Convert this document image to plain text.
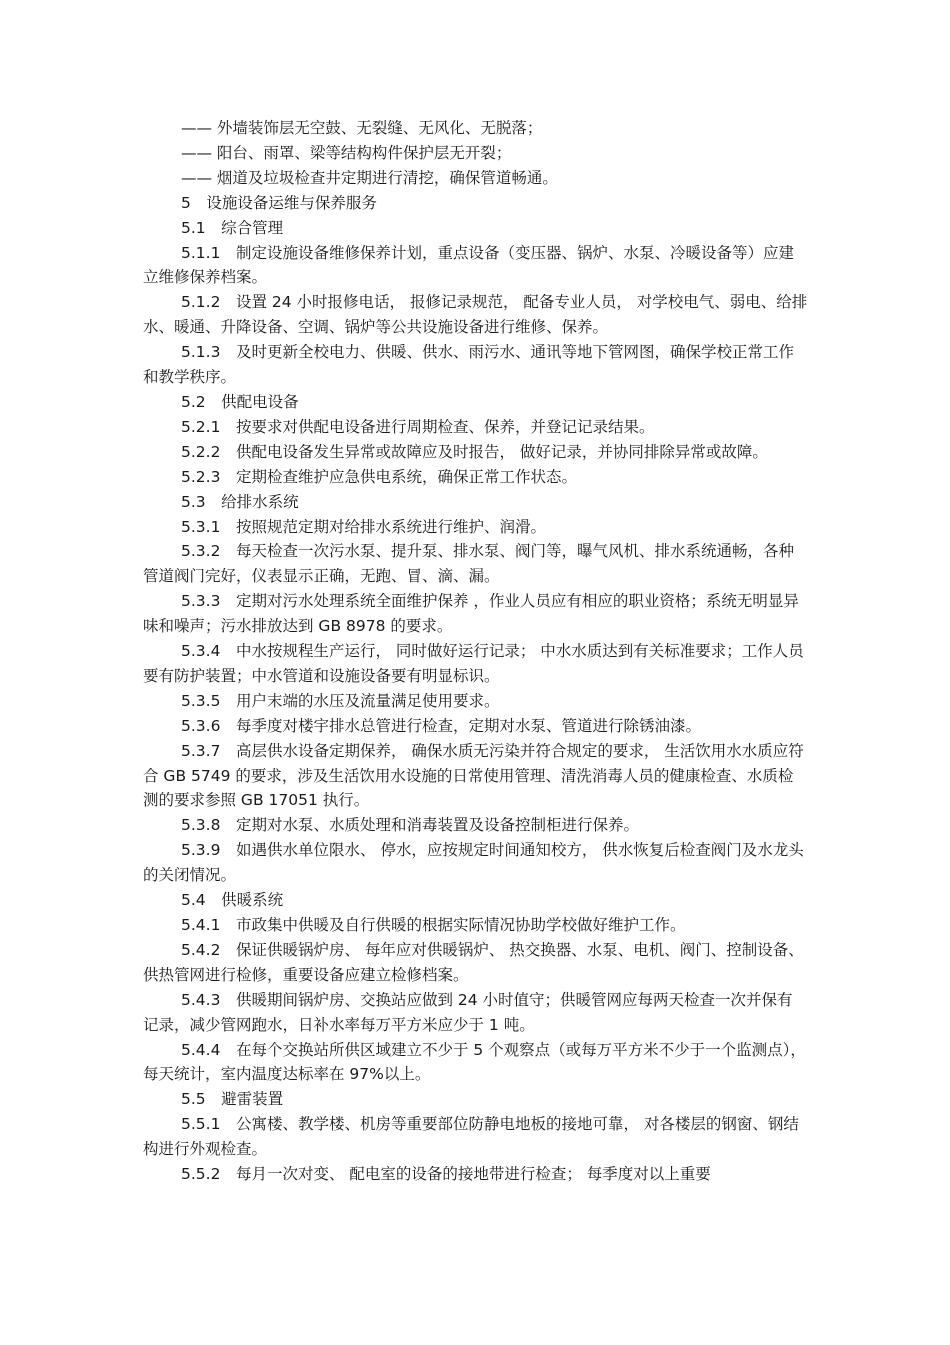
—— 外墙装饰层无空鼓、无裂缝、无风化、无脱落；

—— 阳台、雨罩、梁等结构构件保护层无开裂；

—— 烟道及垃圾检查井定期进行清挖，确保管道畅通。

5　设施设备运维与保养服务

5.1　综合管理

5.1.1　制定设施设备维修保养计划，重点设备（变压器、锅炉、水泵、冷暖设备等）应建立维修保养档案。

5.1.2　设置 24 小时报修电话， 报修记录规范， 配备专业人员， 对学校电气、弱电、给排水、暖通、升降设备、空调、锅炉等公共设施设备进行维修、保养。

5.1.3　及时更新全校电力、供暖、供水、雨污水、通讯等地下管网图，确保学校正常工作和教学秩序。

5.2　供配电设备

5.2.1　按要求对供配电设备进行周期检查、保养，并登记记录结果。

5.2.2　供配电设备发生异常或故障应及时报告， 做好记录，并协同排除异常或故障。

5.2.3　定期检查维护应急供电系统，确保正常工作状态。

5.3　给排水系统

5.3.1　按照规范定期对给排水系统进行维护、润滑。

5.3.2　每天检查一次污水泵、提升泵、排水泵、阀门等，曝气风机、排水系统通畅，各种管道阀门完好，仪表显示正确，无跑、冒、滴、漏。

5.3.3　定期对污水处理系统全面维护保养 ，作业人员应有相应的职业资格；系统无明显异味和噪声；污水排放达到 GB 8978 的要求。

5.3.4　中水按规程生产运行， 同时做好运行记录； 中水水质达到有关标准要求；工作人员要有防护装置；中水管道和设施设备要有明显标识。

5.3.5　用户末端的水压及流量满足使用要求。

5.3.6　每季度对楼宇排水总管进行检查，定期对水泵、管道进行除锈油漆。

5.3.7　高层供水设备定期保养， 确保水质无污染并符合规定的要求， 生活饮用水水质应符合 GB 5749 的要求，涉及生活饮用水设施的日常使用管理、清洗消毒人员的健康检查、水质检测的要求参照 GB 17051 执行。

5.3.8　定期对水泵、水质处理和消毒装置及设备控制柜进行保养。

5.3.9　如遇供水单位限水、 停水，应按规定时间通知校方， 供水恢复后检查阀门及水龙头的关闭情况。

5.4　供暖系统

5.4.1　市政集中供暖及自行供暖的根据实际情况协助学校做好维护工作。

5.4.2　保证供暖锅炉房、 每年应对供暖锅炉、 热交换器、水泵、电机、阀门、控制设备、供热管网进行检修，重要设备应建立检修档案。

5.4.3　供暖期间锅炉房、交换站应做到 24 小时值守；供暖管网应每两天检查一次并保有记录，减少管网跑水，日补水率每万平方米应少于 1 吨。

5.4.4　在每个交换站所供区域建立不少于 5 个观察点（或每万平方米不少于一个监测点），每天统计，室内温度达标率在 97%以上。

5.5　避雷装置

5.5.1　公寓楼、教学楼、机房等重要部位防静电地板的接地可靠， 对各楼层的钢窗、钢结构进行外观检查。

5.5.2　每月一次对变、 配电室的设备的接地带进行检查； 每季度对以上重要
